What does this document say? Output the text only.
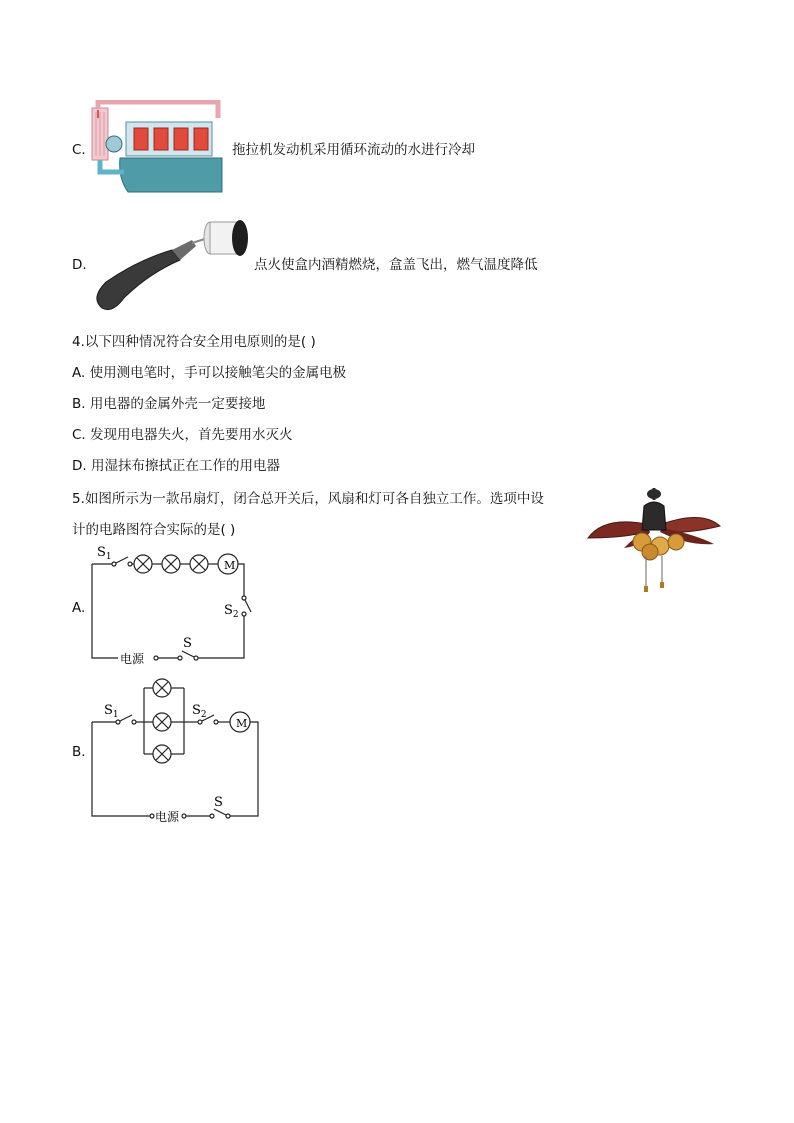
C.	拖拉机发动机采用循环流动的水进行冷却
D.	点火使盒内酒精燃烧，盒盖飞出，燃气温度降低
4.以下四种情况符合安全用电原则的是( )
A. 使用测电笔时，手可以接触笔尖的金属电极
B. 用电器的金属外壳一定要接地
C. 发现用电器失火，首先要用水灭火
D. 用湿抹布擦拭正在工作的用电器
5.如图所示为一款吊扇灯，闭合总开关后，风扇和灯可各自独立工作。选项中设
计的电路图符合实际的是( )
A.
$S_1$
M
$S_2$
S
电源
B.
$S_1$	$S_2$
M
S
电源
